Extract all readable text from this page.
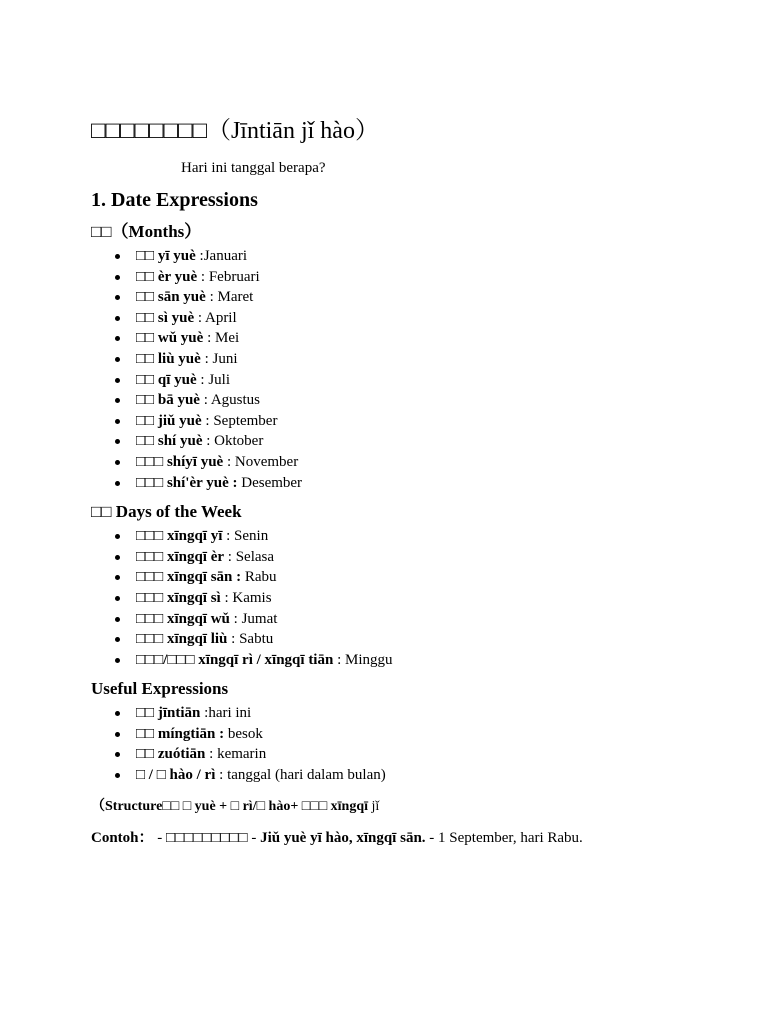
□□□□□□□□（Jīntiān jǐ hào）
Hari ini tanggal berapa?
1. Date Expressions
□□（Months）
□□ yī yuè :Januari
□□ èr yuè : Februari
□□ sān yuè : Maret
□□ sì yuè : April
□□ wǔ yuè : Mei
□□ liù yuè : Juni
□□ qī yuè : Juli
□□ bā yuè : Agustus
□□ jiǔ yuè : September
□□ shí yuè : Oktober
□□□ shíyī yuè : November
□□□ shí'èr yuè : Desember
□□ Days of the Week
□□□ xīngqī yī : Senin
□□□ xīngqī èr : Selasa
□□□ xīngqī sān : Rabu
□□□ xīngqī sì : Kamis
□□□ xīngqī wǔ : Jumat
□□□ xīngqī liù : Sabtu
□□□/□□□ xīngqī rì / xīngqī tiān : Minggu
Useful Expressions
□□ jīntiān :hari ini
□□ míngtiān : besok
□□ zuótiān : kemarin
□ / □ hào / rì : tanggal (hari dalam bulan)

（Structure□□ □ yuè + □ rì/□ hào+ □□□ xīngqī jǐ

Contoh： - □□□□□□□□□ - Jiǔ yuè yī hào, xīngqī sān. - 1 September, hari Rabu.
